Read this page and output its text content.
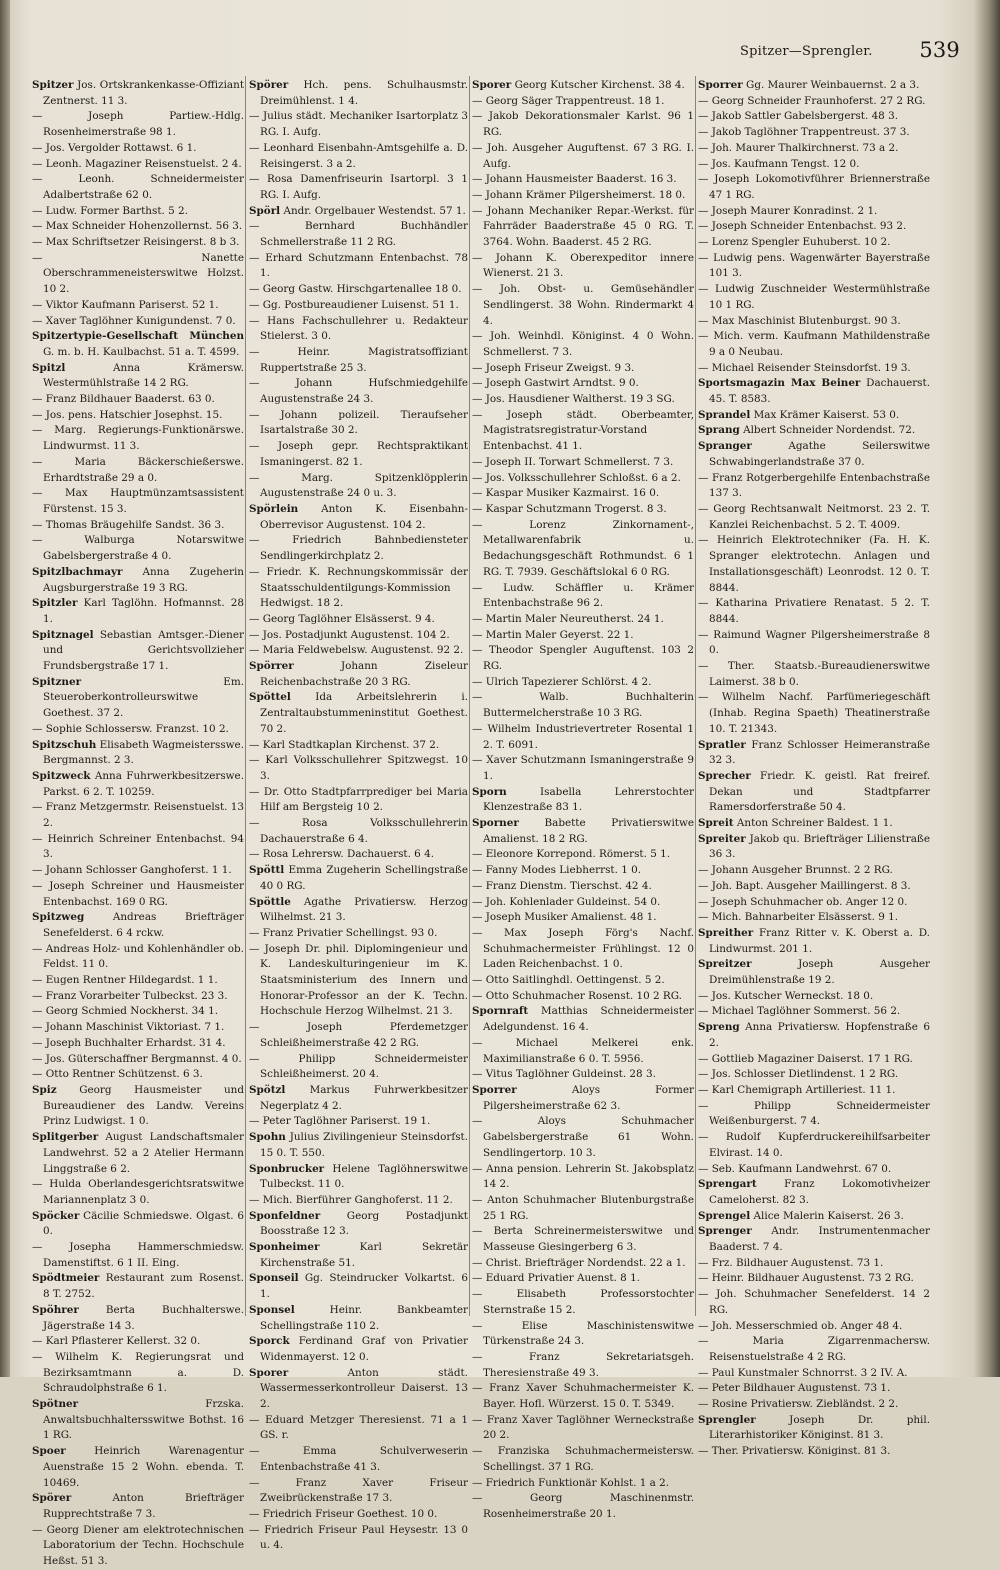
Spitzer—Sprengler. 539

Spitzer Jos. Ortskrankenkasse-Offiziant Zentnerst. 11 3.

— Joseph Partiew.-Hdlg. Rosenheimerstraße 98 1.

— Jos. Vergolder Rottawst. 6 1.

— Leonh. Magaziner Reisenstuelst. 2 4.

— Leonh. Schneidermeister Adalbertstraße 62 0.

— Ludw. Former Barthst. 5 2.

— Max Schneider Hohenzollernst. 56 3.

— Max Schriftsetzer Reisingerst. 8 b 3.

— Nanette Oberschrammeneisterswitwe Holzst. 10 2.

— Viktor Kaufmann Pariserst. 52 1.

— Xaver Taglöhner Kunigundenst. 7 0.

Spitzertypie-Gesellschaft München G. m. b. H. Kaulbachst. 51 a. T. 4599.

Spitzl	Anna Krämersw. Westermühlstraße 14 2 RG.

— Franz Bildhauer Baaderst. 63 0.

— Jos. pens. Hatschier Josephst. 15.

— Marg. Regierungs-Funktionärswe. Lindwurmst. 11 3.

— Maria Bäckerschießerswe. Erhardtstraße 29 a 0.

— Max Hauptmünzamtsassistent Fürstenst. 15 3.

— Thomas Bräugehilfe Sandst. 36 3.

— Walburga Notarswitwe Gabelsbergerstraße 4 0.

Spitzlbachmayr Anna Zugeherin Augsburgerstraße 19 3 RG.

Spitzler Karl Taglöhn. Hofmannst. 28 1.

Spitznagel Sebastian Amtsger.-Diener und Gerichtsvollzieher Frundsbergstraße 17 1.

Spitzner	Em. Steueroberkontrolleurswitwe Goethest. 37 2.

— Sophie Schlossersw. Franzst. 10 2.

Spitzschuh Elisabeth Wagmeistersswe. Bergmannst. 2 3.

Spitzweck Anna Fuhrwerkbesitzerswe. Parkst. 6 2. T. 10259.

— Franz Metzgermstr. Reisenstuelst. 13 2.

— Heinrich Schreiner Entenbachst. 94 3.

— Johann Schlosser Ganghoferst. 1 1.

— Joseph Schreiner und Hausmeister Entenbachst. 169 0 RG.

Spitzweg	Andreas Briefträger Senefelderst. 6 4 rckw.

— Andreas Holz- und Kohlenhändler ob. Feldst. 11 0.

— Eugen Rentner Hildegardst. 1 1.

— Franz Vorarbeiter Tulbeckst. 23 3.

— Georg Schmied Nockherst. 34 1.

— Johann Maschinist Viktoriast. 7 1.

— Joseph Buchhalter Erhardst. 31 4.

— Jos. Güterschaffner Bergmannst. 4 0.

— Otto Rentner Schützenst. 6 3.

Spiz Georg Hausmeister und Bureaudiener des Landw. Vereins Prinz Ludwigst. 1 0.

Splitgerber August Landschaftsmaler Landwehrst. 52 a 2 Atelier Hermann Linggstraße 6 2.

— Hulda Oberlandesgerichtsratswitwe Mariannenplatz 3 0.

Spöcker Cäcilie Schmiedswe. Olgast. 6 0.

— Josepha Hammerschmiedsw. Damenstiftst. 6 1 II. Eing.

Spödtmeier Restaurant zum Rosenst. 8 T. 2752.

Spöhrer	Berta Buchhalterswe. Jägerstraße 14 3.

— Karl Pflasterer Kellerst. 32 0.

— Wilhelm K. Regierungsrat und Bezirksamtmann a. D. Schraudolphstraße 6 1.

Spötner	Frzska. Anwaltsbuchhaltersswitwe Bothst. 16 1 RG.

Spoer	Heinrich Warenagentur Auenstraße 15 2 Wohn. ebenda. T. 10469.

Spörer	Anton Briefträger Rupprechtstraße 7 3.

— Georg Diener am elektrotechnischen Laboratorium der Techn. Hochschule Heßst. 51 3.

Spörer Hch. pens. Schulhausmstr. Dreimühlenst. 1 4.

— Julius städt. Mechaniker Isartorplatz 3 RG. I. Aufg.

— Leonhard Eisenbahn-Amtsgehilfe a. D. Reisingerst. 3 a 2.

— Rosa Damenfriseurin Isartorpl. 3 1 RG. I. Aufg.

Spörl Andr. Orgelbauer Westendst. 57 1.

— Bernhard Buchhändler Schmellerstraße 11 2 RG.

— Erhard Schutzmann Entenbachst. 78 1.

— Georg Gastw. Hirschgartenallee 18 0.

— Gg. Postbureaudiener Luisenst. 51 1.

— Hans Fachschullehrer u. Redakteur Stielerst. 3 0.

— Heinr. Magistratsoffiziant Ruppertstraße 25 3.

— Johann Hufschmiedgehilfe Augustenstraße 24 3.

— Johann polizeil. Tieraufseher Isartalstraße 30 2.

— Joseph gepr. Rechtspraktikant Ismaningerst. 82 1.

— Marg. Spitzenklöpplerin Augustenstraße 24 0 u. 3.

Spörlein Anton K. Eisenbahn-Oberrevisor Augustenst. 104 2.

— Friedrich Bahnbediensteter Sendlingerkirchplatz 2.

— Friedr. K. Rechnungskommissär der Staatsschuldentilgungs-Kommission Hedwigst. 18 2.

— Georg Taglöhner Elsässerst. 9 4.

— Jos. Postadjunkt Augustenst. 104 2.

— Maria Feldwebelsw. Augustenst. 92 2.

Spörrer	Johann Ziseleur Reichenbachstraße 20 3 RG.

Spöttel Ida Arbeitslehrerin i. Zentraltaubstummeninstitut Goethest. 70 2.

— Karl Stadtkaplan Kirchenst. 37 2.

— Karl Volksschullehrer Spitzwegst. 10 3.

— Dr. Otto Stadtpfarrprediger bei Maria Hilf am Bergsteig 10 2.

— Rosa Volksschullehrerin Dachauerstraße 6 4.

— Rosa Lehrersw. Dachauerst. 6 4.

Spöttl Emma Zugeherin Schellingstraße 40 0 RG.

Spöttle Agathe Privatiersw. Herzog Wilhelmst. 21 3.

— Franz Privatier Schellingst. 93 0.

— Joseph Dr. phil. Diplomingenieur und K. Landeskulturingenieur im K. Staatsministerium des Innern und Honorar-Professor an der K. Techn. Hochschule Herzog Wilhelmst. 21 3.

— Joseph Pferdemetzger Schleißheimerstraße 42 2 RG.

— Philipp Schneidermeister Schleißheimerst. 20 4.

Spötzl Markus Fuhrwerkbesitzer Negerplatz 4 2.

— Peter Taglöhner Pariserst. 19 1.

Spohn Julius Zivilingenieur Steinsdorfst. 15 0. T. 550.

Sponbrucker Helene Taglöhnerswitwe Tulbeckst. 11 0.

— Mich. Bierführer Ganghoferst. 11 2.

Sponfeldner	Georg Postadjunkt Boosstraße 12 3.

Sponheimer	Karl Sekretär Kirchenstraße 51.

Sponseil Gg. Steindrucker Volkartst. 6 1.

Sponsel	Heinr. Bankbeamter Schellingstraße 110 2.

Sporck Ferdinand Graf von Privatier Widenmayerst. 12 0.

Sporer	Anton städt. Wassermesserkontrolleur Daiserst. 13 2.

— Eduard Metzger Theresienst. 71 a 1 GS. r.

— Emma Schulverweserin Entenbachstraße 41 3.

— Franz Xaver Friseur Zweibrückenstraße 17 3.

— Friedrich Friseur Goethest. 10 0.

— Friedrich Friseur Paul Heysestr. 13 0 u. 4.

Sporer Georg Kutscher Kirchenst. 38 4.

— Georg Säger Trappentreust. 18 1.

— Jakob Dekorationsmaler Karlst. 96 1 RG.

— Joh. Ausgeher Auguftenst. 67 3 RG. I. Aufg.

— Johann Hausmeister Baaderst. 16 3.

— Johann Krämer Pilgersheimerst. 18 0.

— Johann Mechaniker Repar.-Werkst. für Fahrräder Baaderstraße 45 0 RG. T. 3764. Wohn. Baaderst. 45 2 RG.

— Johann K. Oberexpeditor innere Wienerst. 21 3.

— Joh. Obst- u. Gemüsehändler Sendlingerst. 38 Wohn. Rindermarkt 4 4.

— Joh. Weinhdl. Königinst. 4 0 Wohn. Schmellerst. 7 3.

— Joseph Friseur Zweigst. 9 3.

— Joseph Gastwirt Arndtst. 9 0.

— Jos. Hausdiener Waltherst. 19 3 SG.

— Joseph städt. Oberbeamter, Magistratsregistratur-Vorstand Entenbachst. 41 1.

— Joseph II. Torwart Schmellerst. 7 3.

— Jos. Volksschullehrer Schloßst. 6 a 2.

— Kaspar Musiker Kazmairst. 16 0.

— Kaspar Schutzmann Trogerst. 8 3.

— Lorenz Zinkornament-, Metallwarenfabrik u. Bedachungsgeschäft Rothmundst. 6 1 RG. T. 7939. Geschäftslokal 6 0 RG.

— Ludw. Schäffler u. Krämer Entenbachstraße 96 2.

— Martin Maler Neureutherst. 24 1.

— Martin Maler Geyerst. 22 1.

— Theodor Spengler Auguftenst. 103 2 RG.

— Ulrich Tapezierer Schlörst. 4 2.

— Walb. Buchhalterin Buttermelcherstraße 10 3 RG.

— Wilhelm Industrievertreter Rosental 1 2. T. 6091.

— Xaver Schutzmann Ismaningerstraße 9 1.

Sporn	Isabella Lehrerstochter Klenzestraße 83 1.

Sporner Babette Privatierswitwe Amalienst. 18 2 RG.

— Eleonore Korrepond. Römerst. 5 1.

— Fanny Modes Liebherrst. 1 0.

— Franz Dienstm. Tierschst. 42 4.

— Joh. Kohlenlader Guldeinst. 54 0.

— Joseph Musiker Amalienst. 48 1.

— Max Joseph Förg's Nachf. Schuhmachermeister Frühlingst. 12 0 Laden Reichenbachst. 1 0.

— Otto Saitlinghdl. Oettingenst. 5 2.

— Otto Schuhmacher Rosenst. 10 2 RG.

Spornraft Matthias Schneidermeister Adelgundenst. 16 4.

— Michael Melkerei enk. Maximilianstraße 6 0. T. 5956.

— Vitus Taglöhner Guldeinst. 28 3.

Sporrer	Aloys Former Pilgersheimerstraße 62 3.

— Aloys Schuhmacher Gabelsbergerstraße 61 Wohn. Sendlingertorp. 10 3.

— Anna pension. Lehrerin St. Jakobsplatz 14 2.

— Anton Schuhmacher Blutenburgstraße 25 1 RG.

— Berta Schreinermeisterswitwe und Masseuse Giesingerberg 6 3.

— Christ. Briefträger Nordendst. 22 a 1.

— Eduard Privatier Auenst. 8 1.

— Elisabeth Professorstochter Sternstraße 15 2.

— Elise Maschinistenswitwe Türkenstraße 24 3.

— Franz Sekretariatsgeh. Theresienstraße 49 3.

— Franz Xaver Schuhmachermeister K. Bayer. Hofl. Würzerst. 15 0. T. 5349.

— Franz Xaver Taglöhner Werneckstraße 20 2.

— Franziska Schuhmachermeistersw. Schellingst. 37 1 RG.

— Friedrich Funktionär Kohlst. 1 a 2.

— Georg Maschinenmstr. Rosenheimerstraße 20 1.

Sporrer Gg. Maurer Weinbauernst. 2 a 3.

— Georg Schneider Fraunhoferst. 27 2 RG.

— Jakob Sattler Gabelsbergerst. 48 3.

— Jakob Taglöhner Trappentreust. 37 3.

— Joh. Maurer Thalkirchnerst. 73 a 2.

— Jos. Kaufmann Tengst. 12 0.

— Joseph Lokomotivführer Briennerstraße 47 1 RG.

— Joseph Maurer Konradinst. 2 1.

— Joseph Schneider Entenbachst. 93 2.

— Lorenz Spengler Euhuberst. 10 2.

— Ludwig pens. Wagenwärter Bayerstraße 101 3.

— Ludwig Zuschneider Westermühlstraße 10 1 RG.

— Max Maschinist Blutenburgst. 90 3.

— Mich. verm. Kaufmann Mathildenstraße 9 a 0 Neubau.

— Michael Reisender Steinsdorfst. 19 3.

Sportsmagazin Max Beiner Dachauerst. 45. T. 8583.

Sprandel Max Krämer Kaiserst. 53 0.

Sprang Albert Schneider Nordendst. 72.

Spranger	Agathe Seilerswitwe Schwabingerlandstraße 37 0.

— Franz Rotgerbergehilfe Entenbachstraße 137 3.

— Georg Rechtsanwalt Neitmorst. 23 2. T. Kanzlei Reichenbachst. 5 2. T. 4009.

— Heinrich Elektrotechniker (Fa. H. K. Spranger elektrotechn. Anlagen und Installationsgeschäft) Leonrodst. 12 0. T. 8844.

— Katharina Privatiere Renatast. 5 2. T. 8844.

— Raimund Wagner Pilgersheimerstraße 8 0.

— Ther. Staatsb.-Bureaudienerswitwe Laimerst. 38 b 0.

— Wilhelm Nachf. Parfümeriegeschäft (Inhab. Regina Spaeth) Theatinerstraße 10. T. 21343.

Spratler Franz Schlosser Heimeranstraße 32 3.

Sprecher Friedr. K. geistl. Rat freiref. Dekan und Stadtpfarrer Ramersdorferstraße 50 4.

Spreit Anton Schreiner Baldest. 1 1.

Spreiter Jakob qu. Briefträger Lilienstraße 36 3.

— Johann Ausgeher Brunnst. 2 2 RG.

— Joh. Bapt. Ausgeher Maillingerst. 8 3.

— Joseph Schuhmacher ob. Anger 12 0.

— Mich. Bahnarbeiter Elsässerst. 9 1.

Spreither Franz Ritter v. K. Oberst a. D. Lindwurmst. 201 1.

Spreitzer	Joseph Ausgeher Dreimühlenstraße 19 2.

— Jos. Kutscher Werneckst. 18 0.

— Michael Taglöhner Sommerst. 56 2.

Spreng Anna Privatiersw. Hopfenstraße 6 2.

— Gottlieb Magaziner Daiserst. 17 1 RG.

— Jos. Schlosser Dietlindenst. 1 2 RG.

— Karl Chemigraph Artilleriest. 11 1.

— Philipp Schneidermeister Weißenburgerst. 7 4.

— Rudolf Kupferdruckereihilfsarbeiter Elvirast. 14 0.

— Seb. Kaufmann Landwehrst. 67 0.

Sprengart	Franz Lokomotivheizer Cameloherst. 82 3.

Sprengel Alice Malerin Kaiserst. 26 3.

Sprenger Andr. Instrumentenmacher Baaderst. 7 4.

— Frz. Bildhauer Augustenst. 73 1.

— Heinr. Bildhauer Augustenst. 73 2 RG.

— Joh. Schuhmacher Senefelderst. 14 2 RG.

— Joh. Messerschmied ob. Anger 48 4.

— Maria Zigarrenmachersw. Reisenstuelstraße 4 2 RG.

— Paul Kunstmaler Schnorrst. 3 2 IV. A.

— Peter Bildhauer Augustenst. 73 1.

— Rosine Privatiersw. Ziebländst. 2 2.

Sprengler	Joseph Dr. phil. Literarhistoriker Königinst. 81 3.

— Ther. Privatiersw. Königinst. 81 3.
